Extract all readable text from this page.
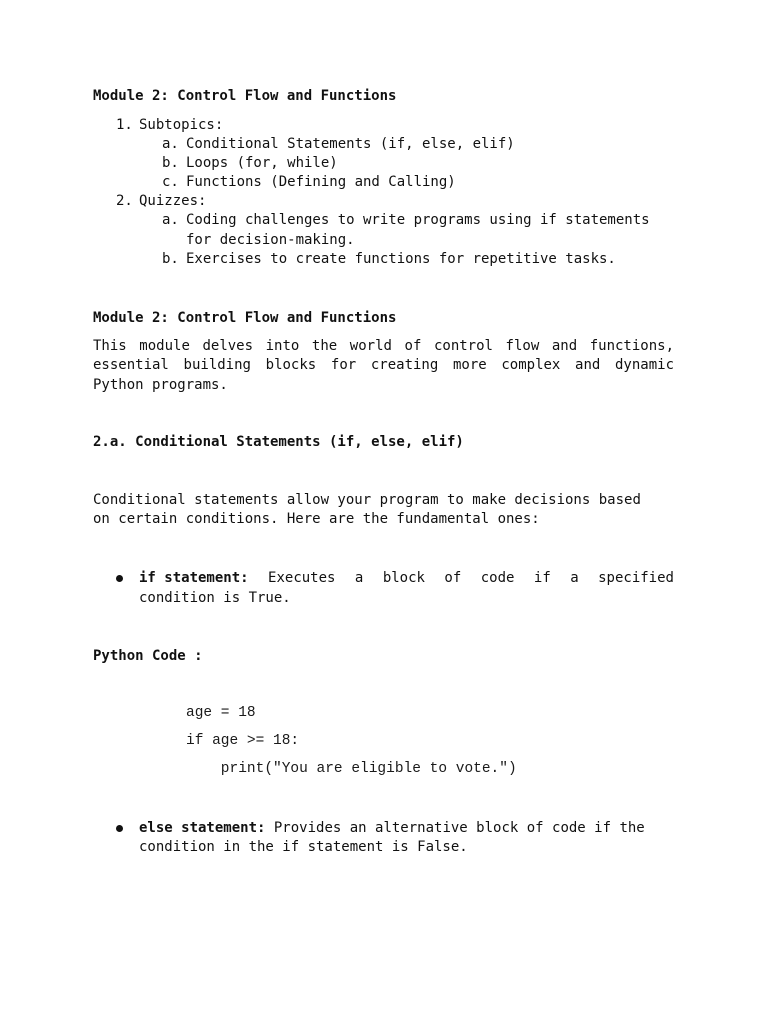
Module 2: Control Flow and Functions
1. Subtopics:
a. Conditional Statements (if, else, elif)
b. Loops (for, while)
c. Functions (Defining and Calling)
2. Quizzes:
a. Coding challenges to write programs using if statements
for decision-making.
b. Exercises to create functions for repetitive tasks.
Module 2: Control Flow and Functions
This module delves into the world of control flow and functions,
essential building blocks for creating more complex and dynamic
Python programs.
2.a. Conditional Statements (if, else, elif)
Conditional statements allow your program to make decisions based
on certain conditions. Here are the fundamental ones:
if statement: Executes a block of code if a specified
condition is True.
Python Code :
age = 18
if age >= 18:
print("You are eligible to vote.")
else statement: Provides an alternative block of code if the
condition in the if statement is False.
